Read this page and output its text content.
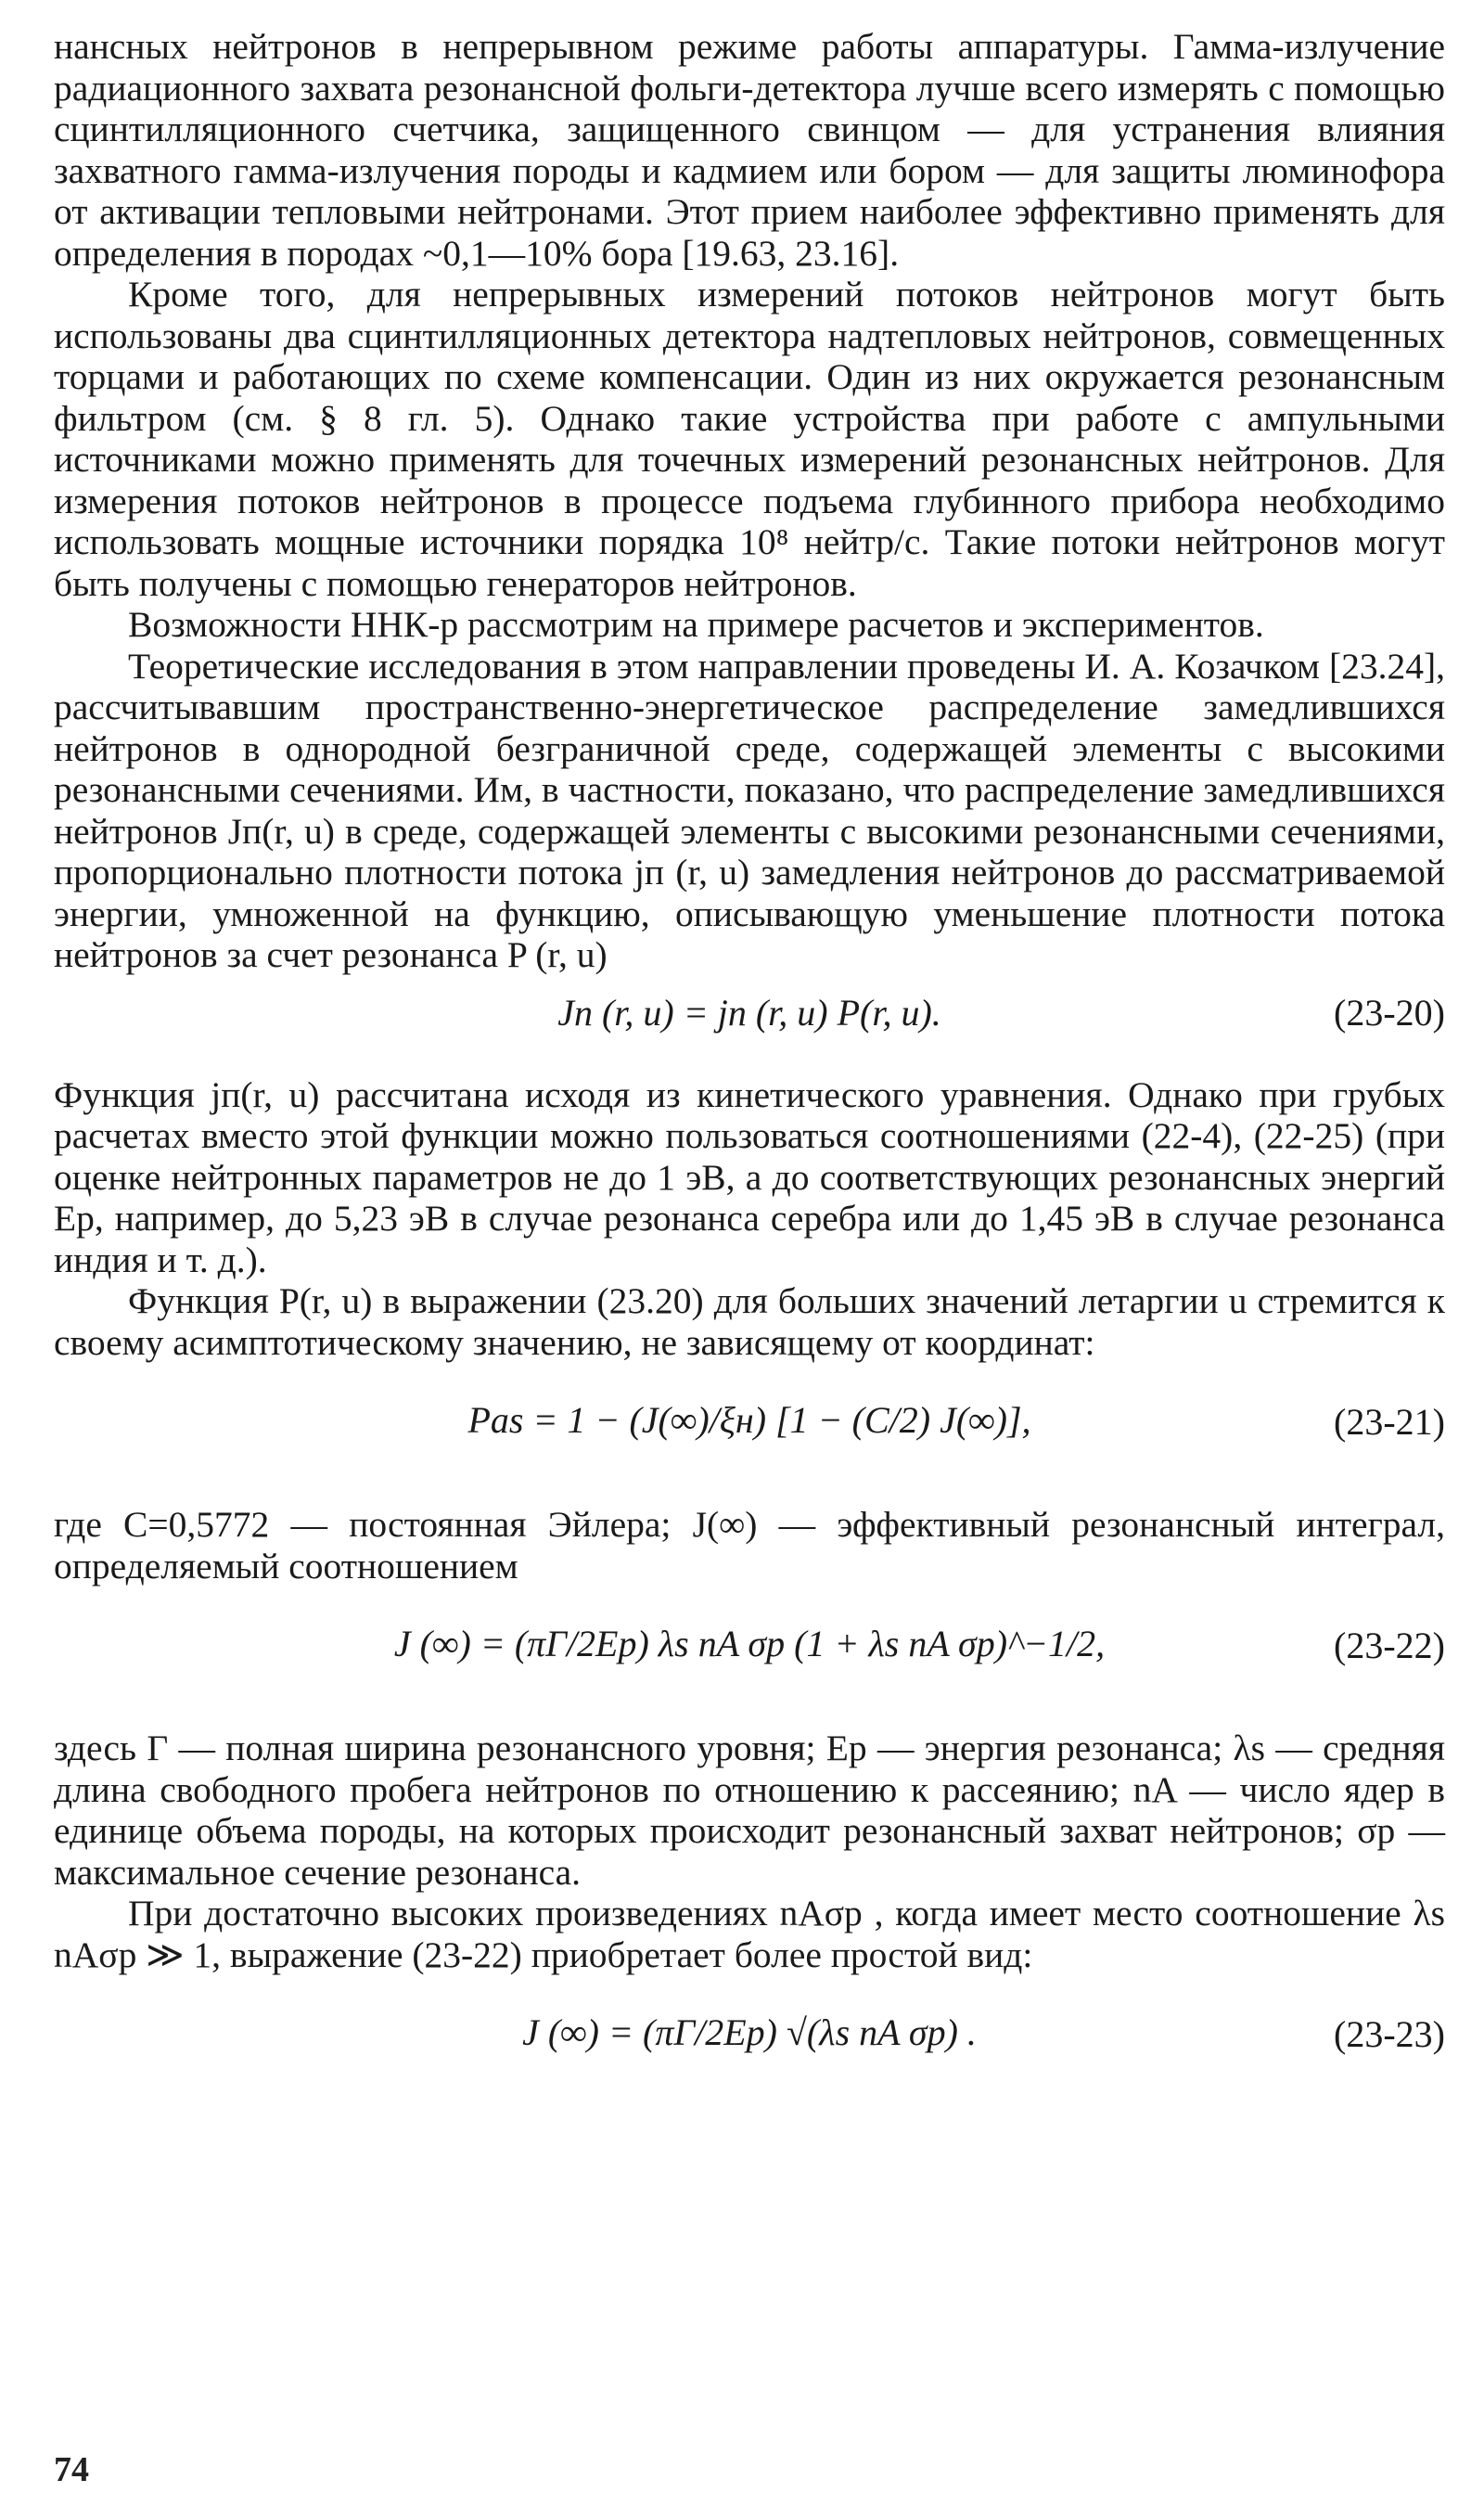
нансных нейтронов в непрерывном режиме работы аппаратуры. Гамма-излучение радиационного захвата резонансной фольги-детектора лучше всего измерять с помощью сцинтилляционного счетчика, защищенного свинцом — для устранения влияния захватного гамма-излучения породы и кадмием или бором — для защиты люминофора от активации тепловыми нейтронами. Этот прием наиболее эффективно применять для определения в породах ~0,1—10% бора [19.63, 23.16].

Кроме того, для непрерывных измерений потоков нейтронов могут быть использованы два сцинтилляционных детектора надтепловых нейтронов, совмещенных торцами и работающих по схеме компенсации. Один из них окружается резонансным фильтром (см. § 8 гл. 5). Однако такие устройства при работе с ампульными источниками можно применять для точечных измерений резонансных нейтронов. Для измерения потоков нейтронов в процессе подъема глубинного прибора необходимо использовать мощные источники порядка 10⁸ нейтр/с. Такие потоки нейтронов могут быть получены с помощью генераторов нейтронов.

Возможности ННК-р рассмотрим на примере расчетов и экспериментов.

Теоретические исследования в этом направлении проведены И. А. Козачком [23.24], рассчитывавшим пространственно-энергетическое распределение замедлившихся нейтронов в однородной безграничной среде, содержащей элементы с высокими резонансными сечениями. Им, в частности, показано, что распределение замедлившихся нейтронов Jп(r, u) в среде, содержащей элементы с высокими резонансными сечениями, пропорционально плотности потока jп (r, u) замедления нейтронов до рассматриваемой энергии, умноженной на функцию, описывающую уменьшение плотности потока нейтронов за счет резонанса P (r, u)

Jп (r, u) = jп (r, u) P(r, u).	(23-20)

Функция jп(r, u) рассчитана исходя из кинетического уравнения. Однако при грубых расчетах вместо этой функции можно пользоваться соотношениями (22-4), (22-25) (при оценке нейтронных параметров не до 1 эВ, а до соответствующих резонансных энергий Eр, например, до 5,23 эВ в случае резонанса серебра или до 1,45 эВ в случае резонанса индия и т. д.).

Функция P(r, u) в выражении (23.20) для больших значений летаргии u стремится к своему асимптотическому значению, не зависящему от координат:

Pas = 1 − (J(∞)/ξн) [1 − (C/2) J(∞)],	(23-21)

где C=0,5772 — постоянная Эйлера; J(∞) — эффективный резонансный интеграл, определяемый соотношением

J (∞) = (πГ/2Eр) λs nA σр (1 + λs nA σр)^−1/2,	(23-22)

здесь Г — полная ширина резонансного уровня; Eр — энергия резонанса; λs — средняя длина свободного пробега нейтронов по отношению к рассеянию; nA — число ядер в единице объема породы, на которых происходит резонансный захват нейтронов; σр — максимальное сечение резонанса.

При достаточно высоких произведениях nAσр , когда имеет место соотношение λs nAσр ≫ 1, выражение (23-22) приобретает более простой вид:

J (∞) = (πГ/2Eр) √(λs nA σр) .	(23-23)
74
